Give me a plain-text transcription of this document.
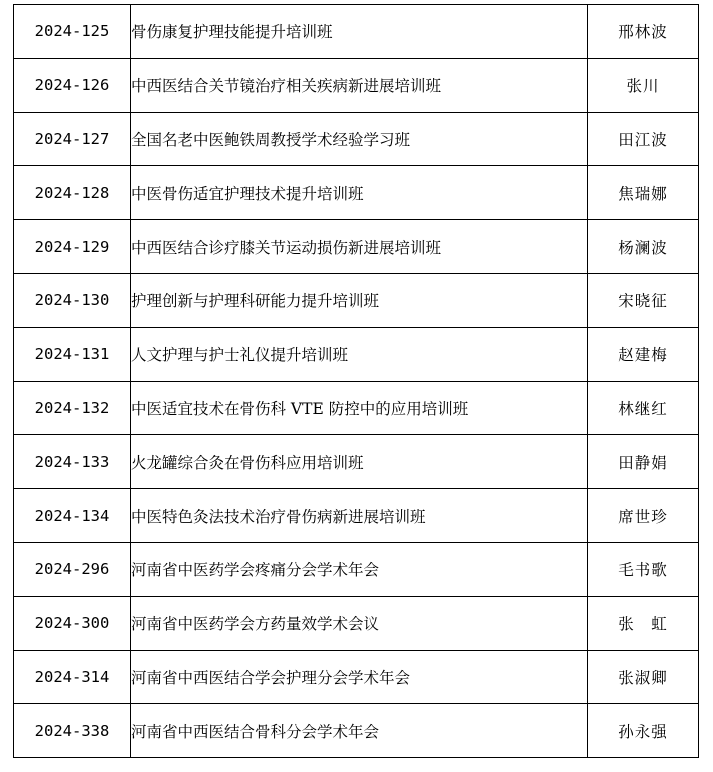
2024-125	骨伤康复护理技能提升培训班	邢林波
2024-126	中西医结合关节镜治疗相关疾病新进展培训班	张川
2024-127	全国名老中医鲍铁周教授学术经验学习班	田江波
2024-128	中医骨伤适宜护理技术提升培训班	焦瑞娜
2024-129	中西医结合诊疗膝关节运动损伤新进展培训班	杨澜波
2024-130	护理创新与护理科研能力提升培训班	宋晓征
2024-131	人文护理与护士礼仪提升培训班	赵建梅
2024-132	中医适宜技术在骨伤科 VTE 防控中的应用培训班	林继红
2024-133	火龙罐综合灸在骨伤科应用培训班	田静娟
2024-134	中医特色灸法技术治疗骨伤病新进展培训班	席世珍
2024-296	河南省中医药学会疼痛分会学术年会	毛书歌
2024-300	河南省中医药学会方药量效学术会议	张　虹
2024-314	河南省中西医结合学会护理分会学术年会	张淑卿
2024-338	河南省中西医结合骨科分会学术年会	孙永强
